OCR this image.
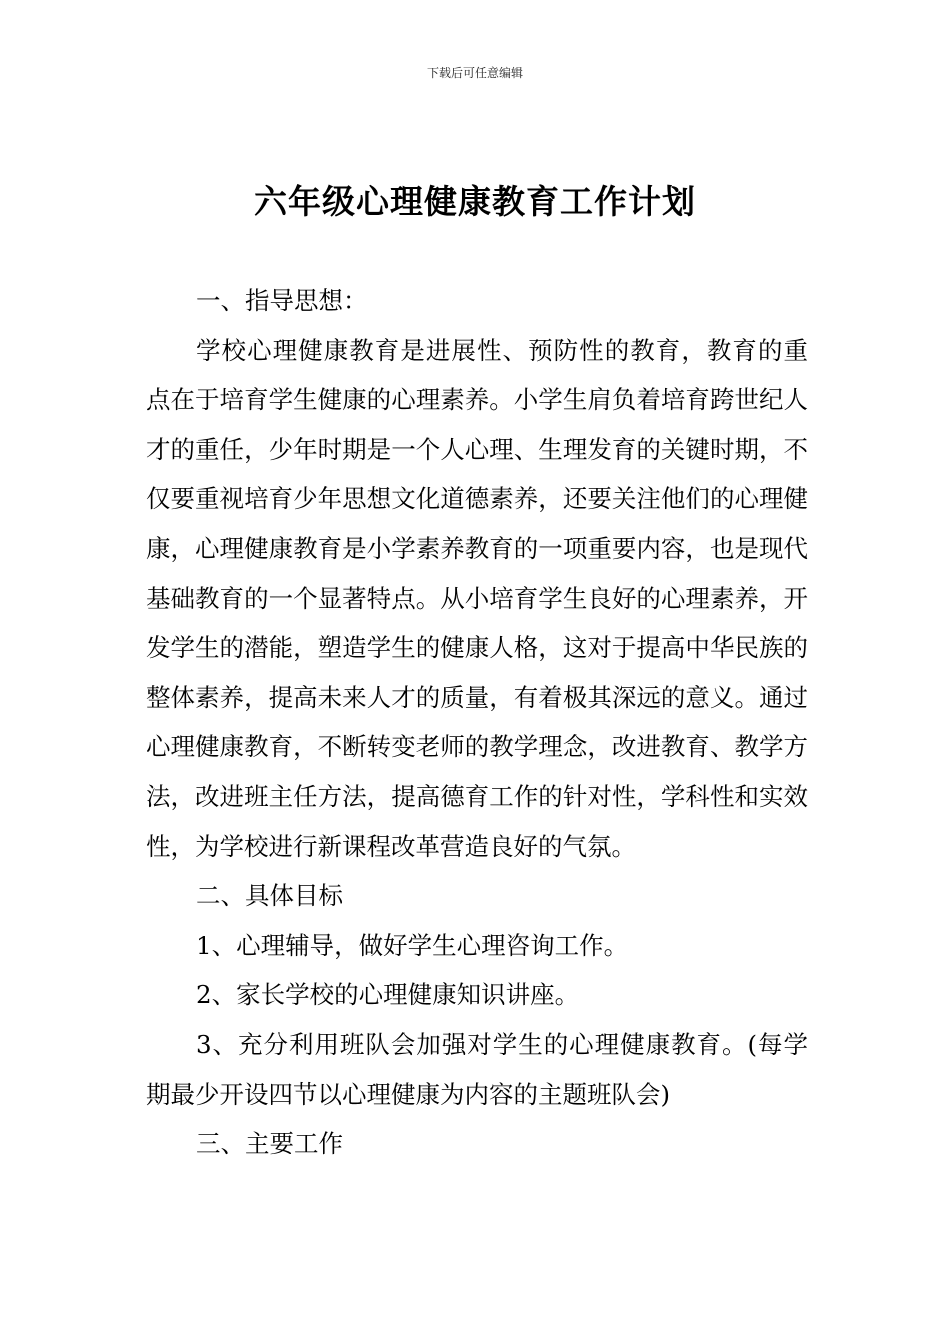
下载后可任意编辑
六年级心理健康教育工作计划

一、指导思想：

学校心理健康教育是进展性、预防性的教育，教育的重点在于培育学生健康的心理素养。小学生肩负着培育跨世纪人才的重任，少年时期是一个人心理、生理发育的关键时期，不仅要重视培育少年思想文化道德素养，还要关注他们的心理健康，心理健康教育是小学素养教育的一项重要内容，也是现代基础教育的一个显著特点。从小培育学生良好的心理素养，开发学生的潜能，塑造学生的健康人格，这对于提高中华民族的整体素养，提高未来人才的质量，有着极其深远的意义。通过心理健康教育，不断转变老师的教学理念，改进教育、教学方法，改进班主任方法，提高德育工作的针对性，学科性和实效性，为学校进行新课程改革营造良好的气氛。

二、具体目标

1、心理辅导，做好学生心理咨询工作。

2、家长学校的心理健康知识讲座。

3、充分利用班队会加强对学生的心理健康教育。(每学期最少开设四节以心理健康为内容的主题班队会)

三、主要工作
